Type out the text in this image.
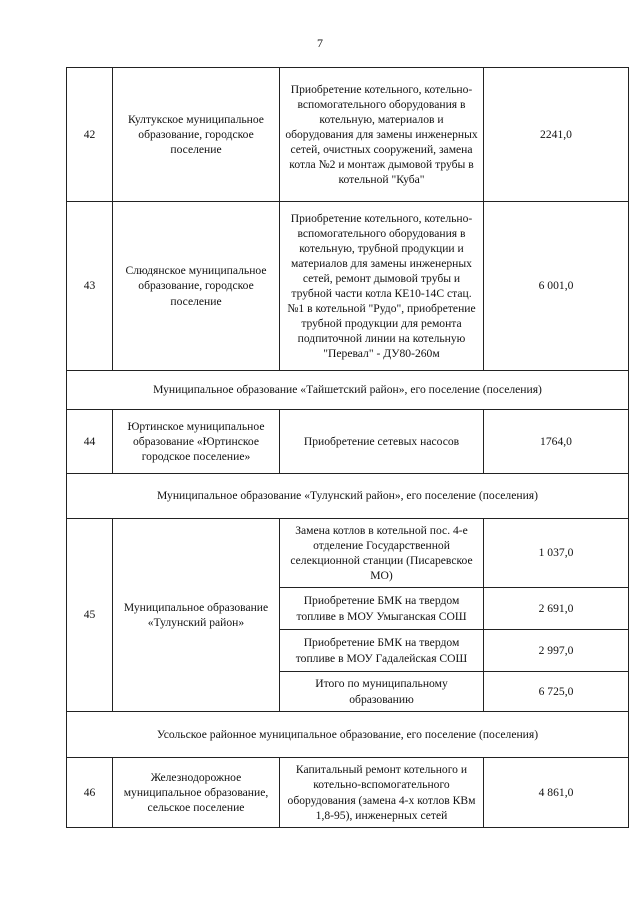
7
42	Култукское муниципальное образование, городское поселение	Приобретение котельного, котельно-вспомогательного оборудования в котельную, материалов и оборудования для замены инженерных сетей, очистных сооружений, замена котла №2 и монтаж дымовой трубы в котельной "Куба"	2241,0
43	Слюдянское муниципальное образование, городское поселение	Приобретение котельного, котельно-вспомогательного оборудования в котельную, трубной продукции и материалов для замены инженерных сетей, ремонт дымовой трубы и трубной части котла КЕ10-14С стац. №1 в котельной "Рудо", приобретение трубной продукции для ремонта подпиточной линии на котельную "Перевал" - ДУ80-260м	6 001,0
Муниципальное образование «Тайшетский район», его поселение (поселения)			
44	Юртинское муниципальное образование «Юртинское городское поселение»	Приобретение сетевых насосов	1764,0
Муниципальное образование «Тулунский район», его поселение (поселения)			
45	Муниципальное образование «Тулунский район»	Замена котлов в котельной пос. 4-е отделение Государственной селекционной станции (Писаревское МО)	1 037,0
		Приобретение БМК на твердом топливе в МОУ Умыганская СОШ	2 691,0
		Приобретение БМК на твердом топливе в МОУ Гадалейская СОШ	2 997,0
		Итого по муниципальному образованию	6 725,0
Усольское районное муниципальное образование, его поселение (поселения)			
46	Железнодорожное муниципальное образование, сельское поселение	Капитальный ремонт котельного и котельно-вспомогательного оборудования (замена 4-х котлов КВм 1,8-95), инженерных сетей	4 861,0
